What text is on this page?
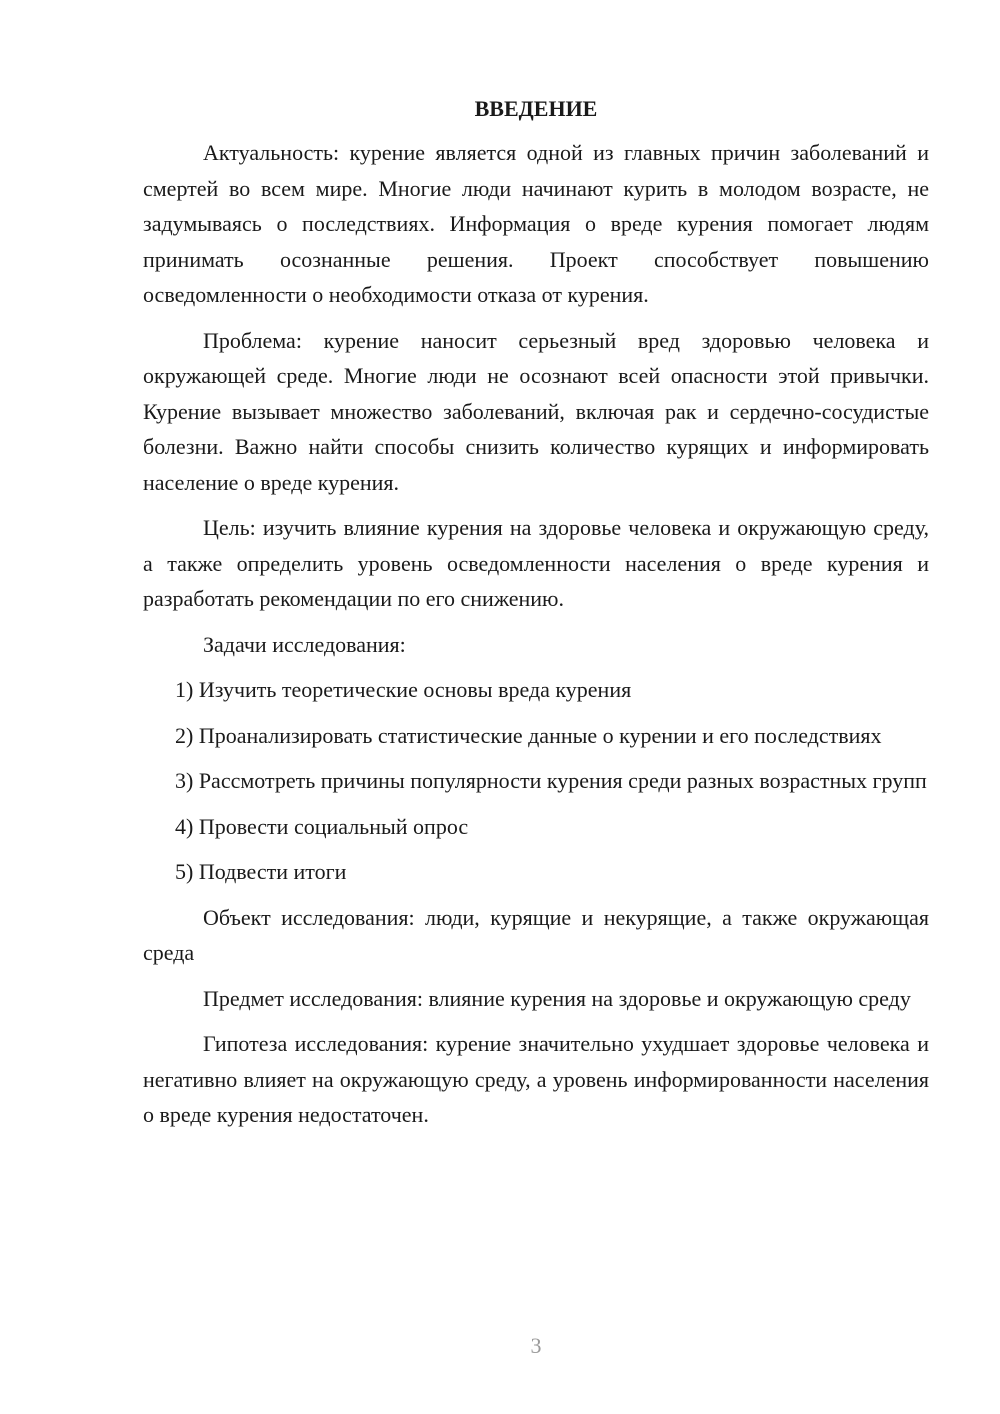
ВВЕДЕНИЕ

Актуальность: курение является одной из главных причин заболеваний и смертей во всем мире. Многие люди начинают курить в молодом возрасте, не задумываясь о последствиях. Информация о вреде курения помогает людям принимать осознанные решения. Проект способствует повышению осведомленности о необходимости отказа от курения.

Проблема: курение наносит серьезный вред здоровью человека и окружающей среде. Многие люди не осознают всей опасности этой привычки. Курение вызывает множество заболеваний, включая рак и сердечно-сосудистые болезни. Важно найти способы снизить количество курящих и информировать население о вреде курения.

Цель: изучить влияние курения на здоровье человека и окружающую среду, а также определить уровень осведомленности населения о вреде курения и разработать рекомендации по его снижению.

Задачи исследования:

1) Изучить теоретические основы вреда курения

2) Проанализировать статистические данные о курении и его последствиях

3) Рассмотреть причины популярности курения среди разных возрастных групп

4) Провести социальный опрос

5) Подвести итоги

Объект исследования: люди, курящие и некурящие, а также окружающая среда

Предмет исследования: влияние курения на здоровье и окружающую среду

Гипотеза исследования: курение значительно ухудшает здоровье человека и негативно влияет на окружающую среду, а уровень информированности населения о вреде курения недостаточен.

3
